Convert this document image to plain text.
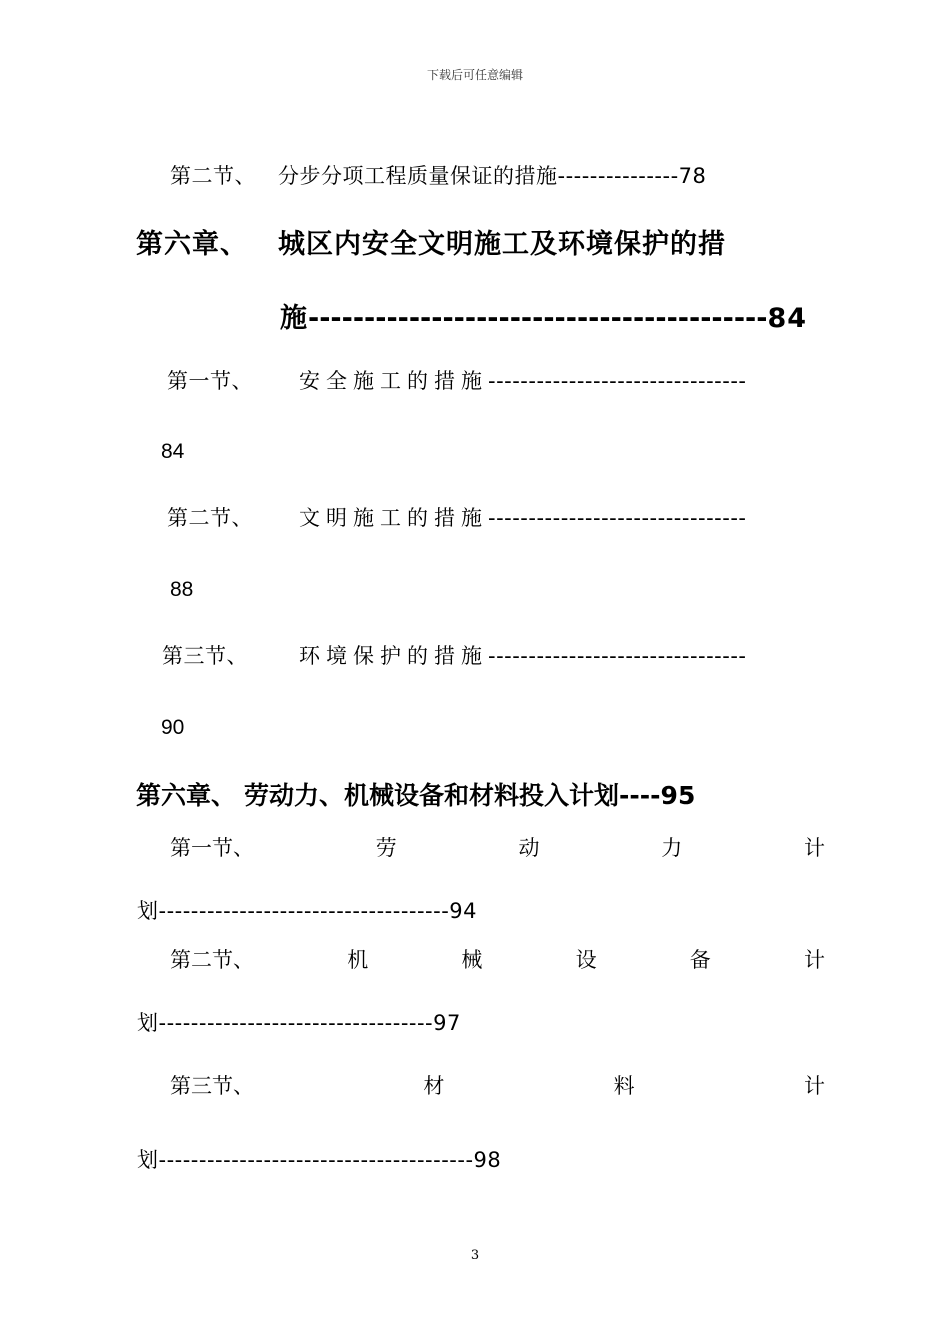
下载后可任意编辑
第二节、 分步分项工程质量保证的措施---------------78
第六章、 城区内安全文明施工及环境保护的措
施-----------------------------------------84
第一节、 安全施工的措施--------------------------------
84
第二节、 文明施工的措施--------------------------------
88
第三节、 环境保护的措施--------------------------------
90
第六章、 劳动力、机械设备和材料投入计划----95
第一节、	劳	动	力	计
划------------------------------------94
第二节、	机	械	设	备	计
划----------------------------------97
第三节、	材	料	计
划---------------------------------------98
3
